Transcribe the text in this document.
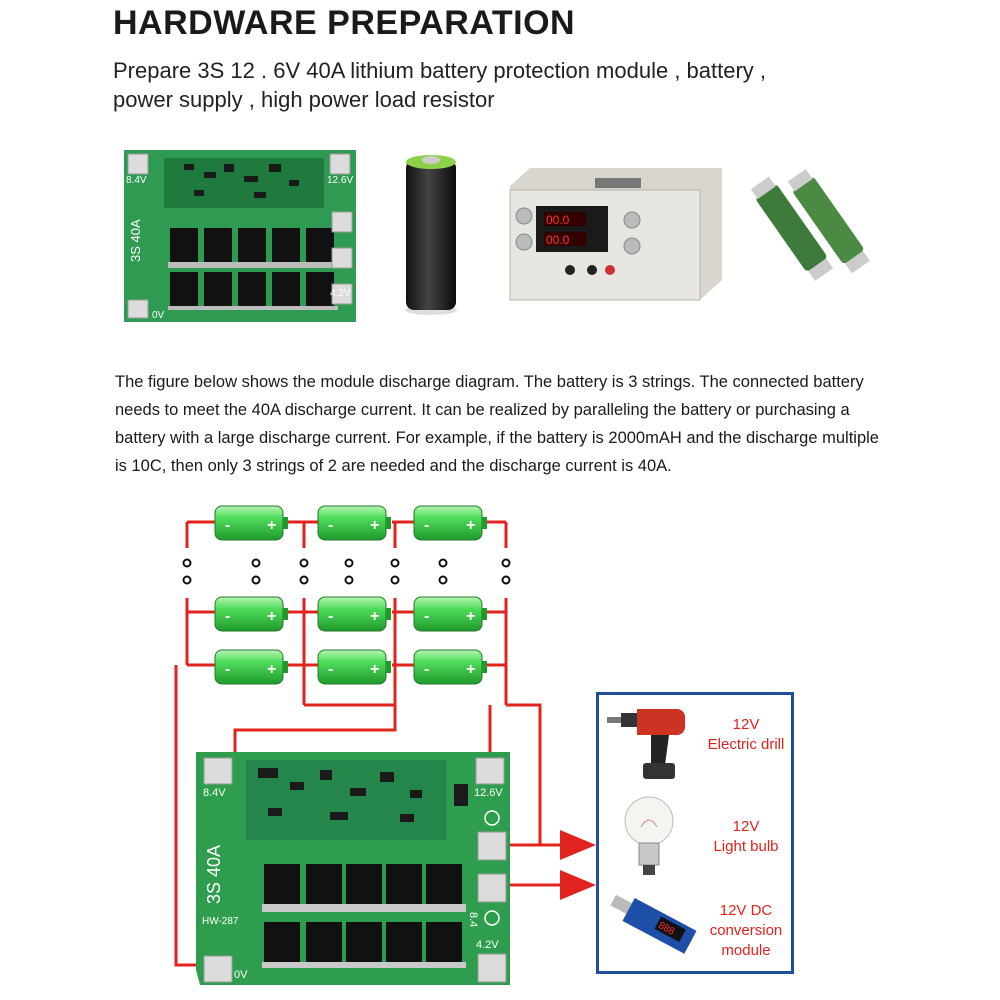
HARDWARE PREPARATION
Prepare 3S 12 . 6V 40A lithium battery protection module , battery ,
power supply , high power load resistor
8.4V	12.6V
4.2V
0V
3S 40A	00.0
00.0
The figure below shows the module discharge diagram. The battery is 3 strings. The connected battery needs to meet the 40A discharge current. It can be realized by paralleling the battery or purchasing a battery with a large discharge current. For example, if the battery is 2000mAH and the discharge multiple is 10C, then only 3 strings of 2 are needed and the discharge current is 40A.
-	+
8.4V	12.6V
4.2V
0V
HW-287	8.4
3S 40A
12V
Electric drill
12V
Light bulb
888
12V DC
conversion
module
